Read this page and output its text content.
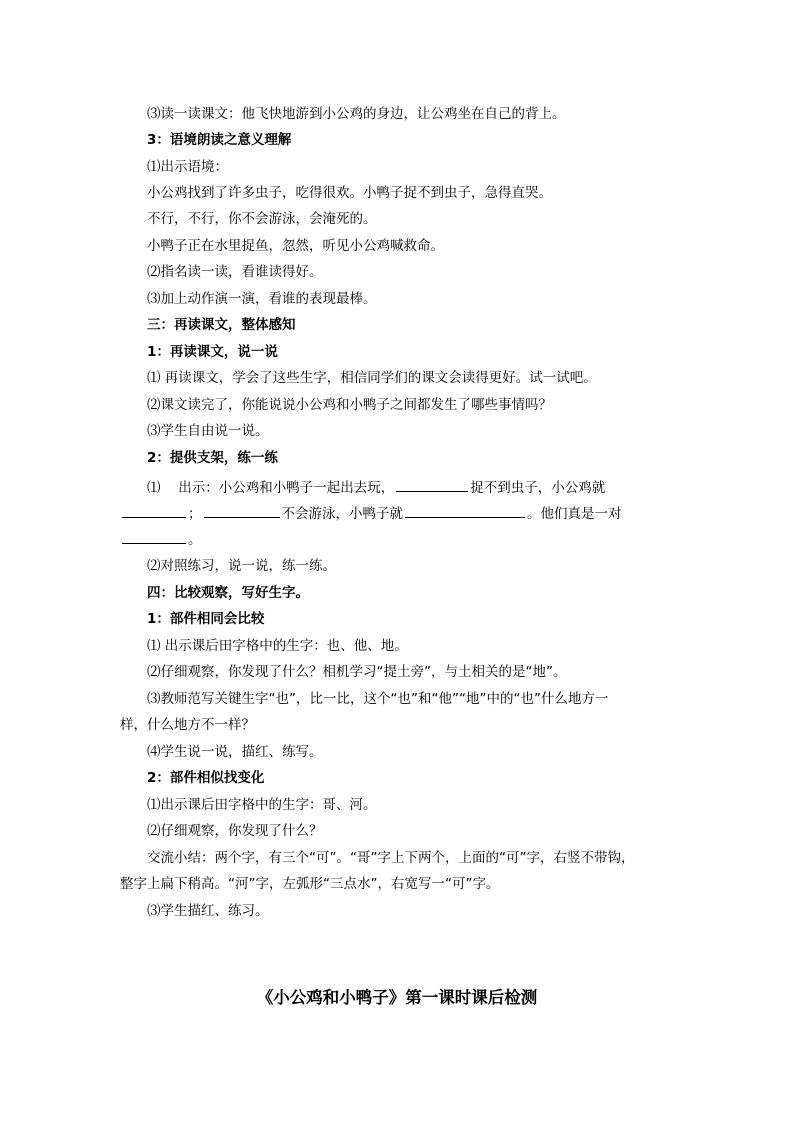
⑶读一读课文：他飞快地游到小公鸡的身边，让公鸡坐在自己的背上。
3：语境朗读之意义理解
⑴出示语境：
小公鸡找到了许多虫子，吃得很欢。小鸭子捉不到虫子，急得直哭。
不行，不行，你不会游泳，会淹死的。
小鸭子正在水里捉鱼，忽然，听见小公鸡喊救命。
⑵指名读一读，看谁读得好。
⑶加上动作演一演，看谁的表现最棒。
三：再读课文，整体感知
1：再读课文，说一说
⑴ 再读课文，学会了这些生字，相信同学们的课文会读得更好。试一试吧。
⑵课文读完了，你能说说小公鸡和小鸭子之间都发生了哪些事情吗？
⑶学生自由说一说。
2：提供支架，练一练
⑴　 出示：小公鸡和小鸭子一起出去玩，	捉不到虫子，小公鸡就
；	不会游泳，小鸭子就	。他们真是一对
。
⑵对照练习，说一说，练一练。
四：比较观察，写好生字。
1：部件相同会比较
⑴ 出示课后田字格中的生字：也、他、地。
⑵仔细观察，你发现了什么？相机学习“提土旁”，与土相关的是“地”。
⑶教师范写关键生字“也”，比一比，这个“也”和“他”“地”中的“也”什么地方一
样，什么地方不一样？
⑷学生说一说，描红、练写。
2：部件相似找变化
⑴出示课后田字格中的生字：哥、河。
⑵仔细观察，你发现了什么？
交流小结：两个字，有三个“可”。“哥”字上下两个，上面的“可”字，右竖不带钩，
整字上扁下稍高。“河”字，左弧形“三点水”，右宽写一“可”字。
⑶学生描红、练习。
《小公鸡和小鸭子》第一课时课后检测
